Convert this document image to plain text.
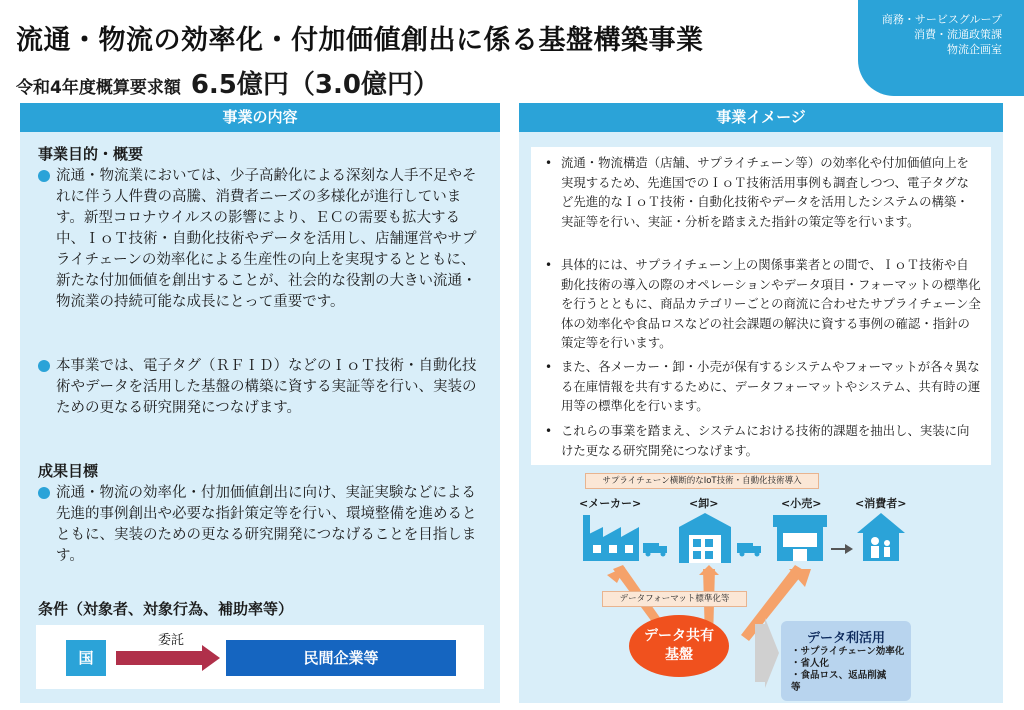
流通・物流の効率化・付加価値創出に係る基盤構築事業
令和4年度概算要求額 6.5億円（3.0億円）
商務・サービスグループ
消費・流通政策課
物流企画室
事業の内容
事業目的・概要
流通・物流業においては、少子高齢化による深刻な人手不足やそれに伴う人件費の高騰、消費者ニーズの多様化が進行しています。新型コロナウイルスの影響により、ＥＣの需要も拡大する中、ＩｏＴ技術・自動化技術やデータを活用し、店舗運営やサプライチェーンの効率化による生産性の向上を実現するとともに、新たな付加価値を創出することが、社会的な役割の大きい流通・物流業の持続可能な成長にとって重要です。
本事業では、電子タグ（ＲＦＩＤ）などのＩｏＴ技術・自動化技術やデータを活用した基盤の構築に資する実証等を行い、実装のための更なる研究開発につなげます。
成果目標
流通・物流の効率化・付加価値創出に向け、実証実験などによる先進的事例創出や必要な指針策定等を行い、環境整備を進めるとともに、実装のための更なる研究開発につなげることを目指します。
条件（対象者、対象行為、補助率等）
国
委託
民間企業等
事業イメージ
• 流通・物流構造（店舗、サプライチェーン等）の効率化や付加価値向上を実現するため、先進国でのＩｏＴ技術活用事例も調査しつつ、電子タグなど先進的なＩｏＴ技術・自動化技術やデータを活用したシステムの構築・実証等を行い、実証・分析を踏まえた指針の策定等を行います。
• 具体的には、サプライチェーン上の関係事業者との間で、ＩｏＴ技術や自動化技術の導入の際のオペレーションやデータ項目・フォーマットの標準化を行うとともに、商品カテゴリーごとの商流に合わせたサプライチェーン全体の効率化や食品ロスなどの社会課題の解決に資する事例の確認・指針の策定等を行います。
• また、各メーカー・卸・小売が保有するシステムやフォーマットが各々異なる在庫情報を共有するために、データフォーマットやシステム、共有時の運用等の標準化を行います。
• これらの事業を踏まえ、システムにおける技術的課題を抽出し、実装に向けた更なる研究開発につなげます。
サプライチェーン横断的なIoT技術・自動化技術導入
<メーカー>	<卸>	<小売>	<消費者>
データフォーマット標準化等
データ共有
基盤
データ利活用
・サプライチェーン効率化
・省人化
・食品ロス、返品削減
等
